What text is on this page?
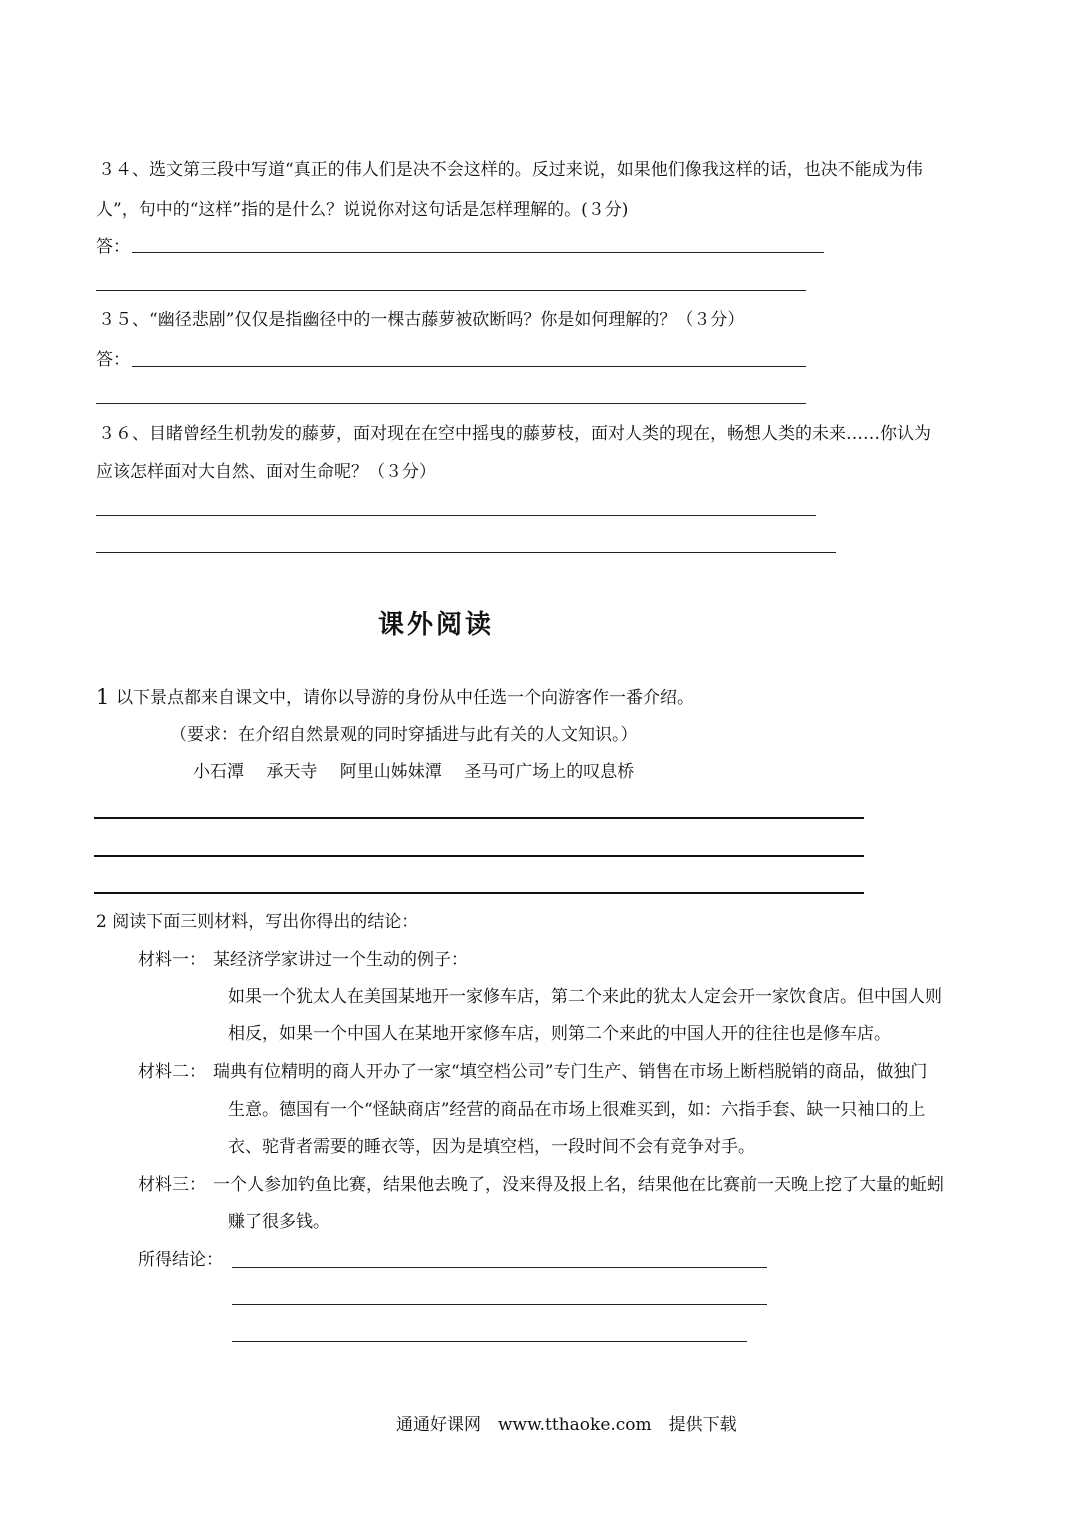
３４、选文第三段中写道“真正的伟人们是决不会这样的。反过来说，如果他们像我这样的话，也决不能成为伟
人”，句中的“这样”指的是什么？说说你对这句话是怎样理解的。(３分)
答：
３５、“幽径悲剧”仅仅是指幽径中的一棵古藤萝被砍断吗？你是如何理解的？（３分）
答：
３６、目睹曾经生机勃发的藤萝，面对现在在空中摇曳的藤萝枝，面对人类的现在，畅想人类的未来……你认为
应该怎样面对大自然、面对生命呢？（３分）
课外阅读
1 以下景点都来自课文中，请你以导游的身份从中任选一个向游客作一番介绍。
（要求：在介绍自然景观的同时穿插进与此有关的人文知识。）
小石潭　 承天寺　 阿里山姊妹潭　 圣马可广场上的叹息桥
2 阅读下面三则材料，写出你得出的结论：
材料一： 某经济学家讲过一个生动的例子：
如果一个犹太人在美国某地开一家修车店，第二个来此的犹太人定会开一家饮食店。但中国人则
相反，如果一个中国人在某地开家修车店，则第二个来此的中国人开的往往也是修车店。
材料二： 瑞典有位精明的商人开办了一家“填空档公司”专门生产、销售在市场上断档脱销的商品，做独门
生意。德国有一个“怪缺商店”经营的商品在市场上很难买到，如：六指手套、缺一只袖口的上
衣、驼背者需要的睡衣等，因为是填空档，一段时间不会有竞争对手。
材料三： 一个人参加钓鱼比赛，结果他去晚了，没来得及报上名，结果他在比赛前一天晚上挖了大量的蚯蚓
赚了很多钱。
所得结论：
通通好课网　www.tthaoke.com　提供下载
